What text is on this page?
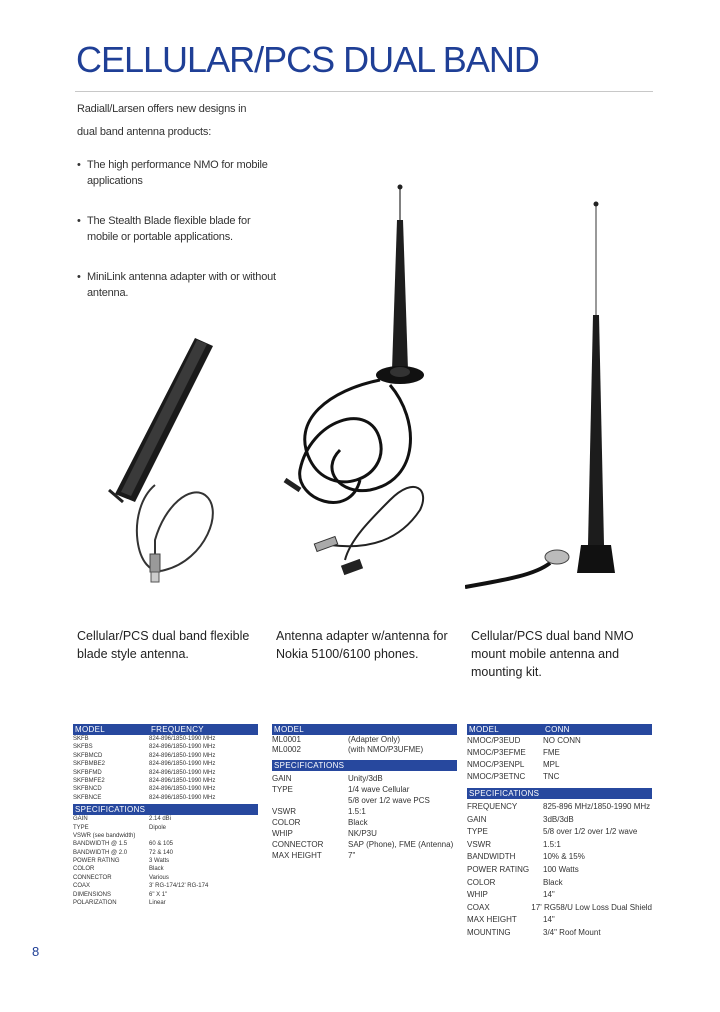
CELLULAR/PCS DUAL BAND
Radiall/Larsen offers new designs in dual band antenna products:
• The high performance NMO for mobile applications
• The Stealth Blade flexible blade for mobile or portable applications.
• MiniLink antenna adapter with or without antenna.
Cellular/PCS dual band flexible blade style antenna.
Antenna adapter w/antenna for Nokia 5100/6100 phones.
Cellular/PCS dual band NMO mount mobile antenna and mounting kit.
MODEL	FREQUENCY
SKFB	824-896/1850-1990 MHz
SKFBS	824-896/1850-1990 MHz
SKFBMCD	824-896/1850-1990 MHz
SKFBMBE2	824-896/1850-1990 MHz
SKFBFMD	824-896/1850-1990 MHz
SKFBMFE2	824-896/1850-1990 MHz
SKFBNCD	824-896/1850-1990 MHz
SKFBNCE	824-896/1850-1990 MHz
SPECIFICATIONS
GAIN	2.14 dBi
TYPE	Dipole
VSWR (see bandwidth)
BANDWIDTH @ 1.5	60 & 105
BANDWIDTH @ 2.0	72 & 140
POWER RATING	3 Watts
COLOR	Black
CONNECTOR	Various
COAX	3' RG-174/12' RG-174
DIMENSIONS	6" X 1"
POLARIZATION	Linear
MODEL
ML0001	(Adapter Only)
ML0002	(with NMO/P3UFME)
SPECIFICATIONS
GAIN	Unity/3dB
TYPE	1/4 wave Cellular
5/8 over 1/2 wave PCS
VSWR	1.5:1
COLOR	Black
WHIP	NK/P3U
CONNECTOR	SAP (Phone), FME (Antenna)
MAX HEIGHT	7"
MODEL	CONN
NMOC/P3EUD	NO CONN
NMOC/P3EFME	FME
NMOC/P3ENPL	MPL
NMOC/P3ETNC	TNC
SPECIFICATIONS
FREQUENCY	825-896 MHz/1850-1990 MHz
GAIN	3dB/3dB
TYPE	5/8 over 1/2 over 1/2 wave
VSWR	1.5:1
BANDWIDTH	10% & 15%
POWER RATING	100 Watts
COLOR	Black
WHIP	14"
COAX	17' RG58/U Low Loss Dual Shield
MAX HEIGHT	14"
MOUNTING	3/4" Roof Mount
8
